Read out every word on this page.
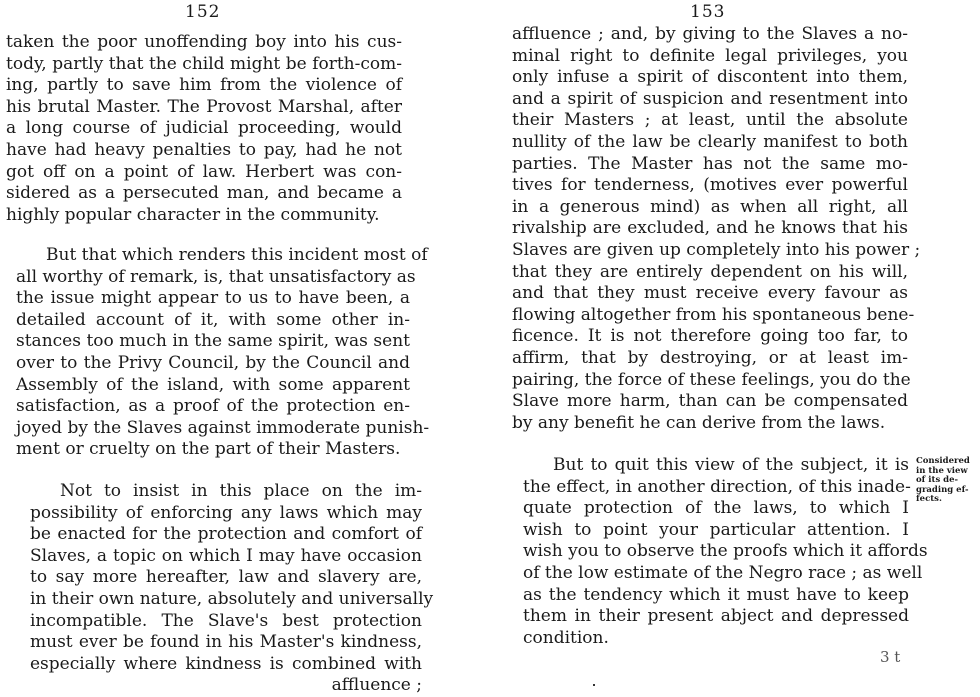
152
taken the poor unoffending boy into his cus-
tody, partly that the child might be forth-com-
ing, partly to save him from the violence of
his brutal Master. The Provost Marshal, after
a long course of judicial proceeding, would
have had heavy penalties to pay, had he not
got off on a point of law. Herbert was con-
sidered as a persecuted man, and became a
highly popular character in the community.
But that which renders this incident most of
all worthy of remark, is, that unsatisfactory as
the issue might appear to us to have been, a
detailed account of it, with some other in-
stances too much in the same spirit, was sent
over to the Privy Council, by the Council and
Assembly of the island, with some apparent
satisfaction, as a proof of the protection en-
joyed by the Slaves against immoderate punish-
ment or cruelty on the part of their Masters.
Not to insist in this place on the im-
possibility of enforcing any laws which may
be enacted for the protection and comfort of
Slaves, a topic on which I may have occasion
to say more hereafter, law and slavery are,
in their own nature, absolutely and universally
incompatible. The Slave's best protection
must ever be found in his Master's kindness,
especially where kindness is combined with
affluence ;
153
affluence ; and, by giving to the Slaves a no-
minal right to definite legal privileges, you
only infuse a spirit of discontent into them,
and a spirit of suspicion and resentment into
their Masters ; at least, until the absolute
nullity of the law be clearly manifest to both
parties. The Master has not the same mo-
tives for tenderness, (motives ever powerful
in a generous mind) as when all right, all
rivalship are excluded, and he knows that his
Slaves are given up completely into his power ;
that they are entirely dependent on his will,
and that they must receive every favour as
flowing altogether from his spontaneous bene-
ficence. It is not therefore going too far, to
affirm, that by destroying, or at least im-
pairing, the force of these feelings, you do the
Slave more harm, than can be compensated
by any benefit he can derive from the laws.
But to quit this view of the subject, it is
the effect, in another direction, of this inade-
quate protection of the laws, to which I
wish to point your particular attention. I
wish you to observe the proofs which it affords
of the low estimate of the Negro race ; as well
as the tendency which it must have to keep
them in their present abject and depressed
condition.
Considered
in the view
of its de-
grading ef-
fects.
3 t
